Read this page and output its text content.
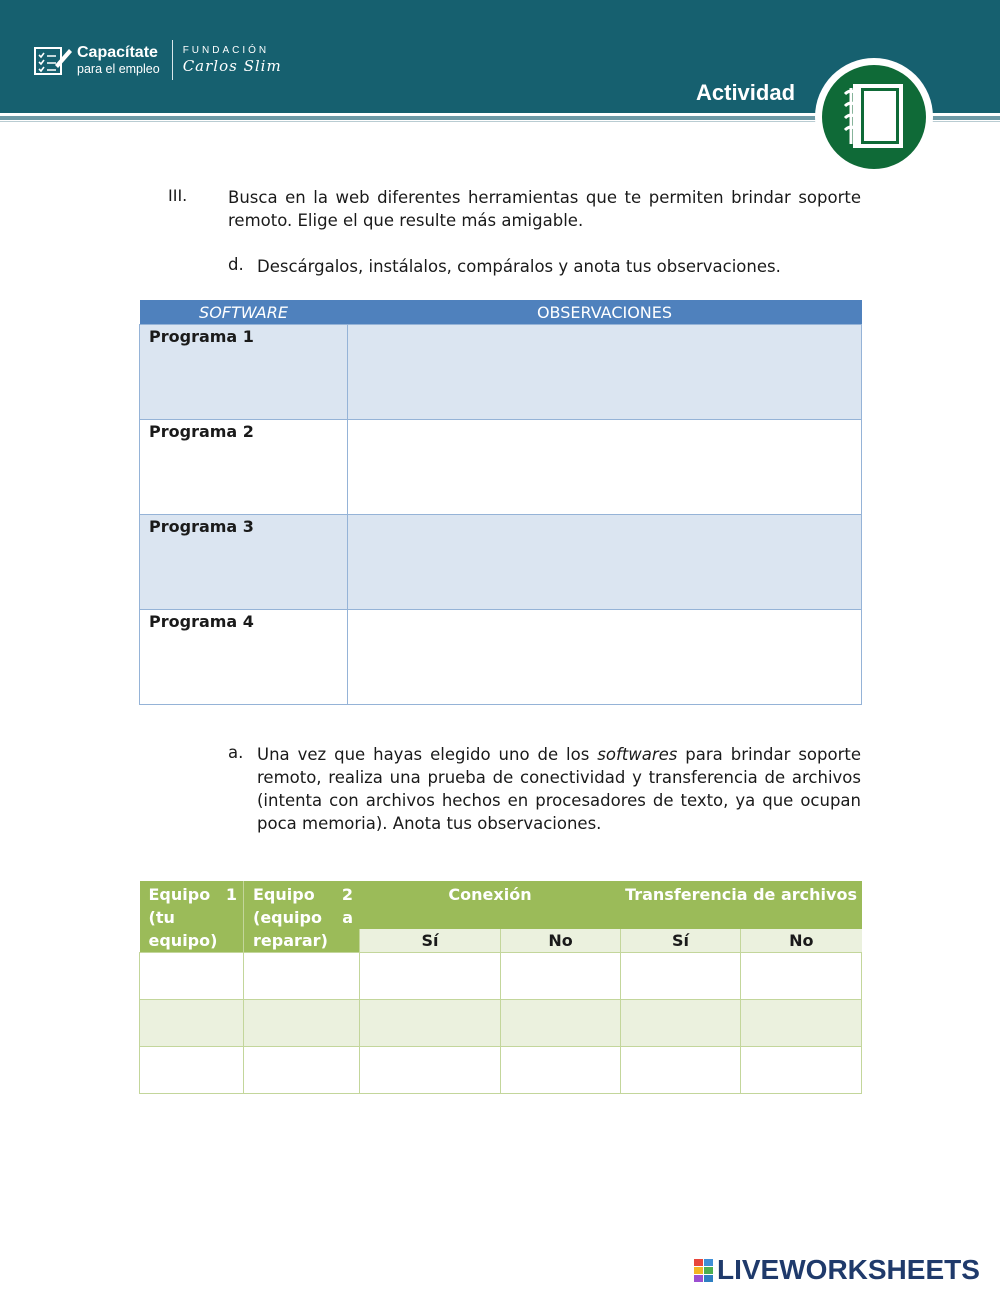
Capacítate
para el empleo
FUNDACIÓN
Carlos Slim
Actividad
III. Busca en la web diferentes herramientas que te permiten brindar soporte remoto. Elige el que resulte más amigable.
d. Descárgalos, instálalos, compáralos y anota tus observaciones.
SOFTWARE	OBSERVACIONES
Programa 1	
Programa 2	
Programa 3	
Programa 4	
a. Una vez que hayas elegido uno de los softwares para brindar soporte remoto, realiza una prueba de conectividad y transferencia de archivos (intenta con archivos hechos en procesadores de texto, ya que ocupan poca memoria). Anota tus observaciones.
Equipo 1 (tu equipo)	Equipo 2 (equipo a reparar)	Conexión		Transferencia de archivos	
		Sí	No	Sí	No

LIVEWORKSHEETS
